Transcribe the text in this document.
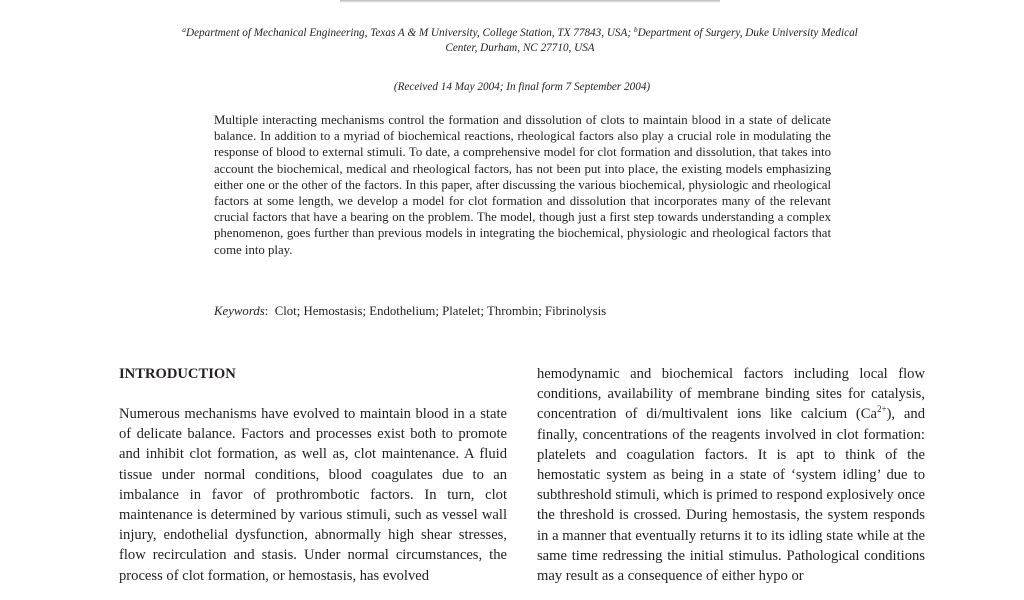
$^a$Department of Mechanical Engineering, Texas A & M University, College Station, TX 77843, USA; $^b$Department of Surgery, Duke University Medical
Center, Durham, NC 27710, USA
(Received 14 May 2004; In final form 7 September 2004)
Multiple interacting mechanisms control the formation and dissolution of clots to maintain blood in a state of delicate balance. In addition to a myriad of biochemical reactions, rheological factors also play a crucial role in modulating the response of blood to external stimuli. To date, a comprehensive model for clot formation and dissolution, that takes into account the biochemical, medical and rheological factors, has not been put into place, the existing models emphasizing either one or the other of the factors. In this paper, after discussing the various biochemical, physiologic and rheological factors at some length, we develop a model for clot formation and dissolution that incorporates many of the relevant crucial factors that have a bearing on the problem. The model, though just a first step towards understanding a complex phenomenon, goes further than previous models in integrating the biochemical, physiologic and rheological factors that come into play.
Keywords: Clot; Hemostasis; Endothelium; Platelet; Thrombin; Fibrinolysis
INTRODUCTION

Numerous mechanisms have evolved to maintain blood in a state of delicate balance. Factors and processes exist both to promote and inhibit clot formation, as well as, clot maintenance. A fluid tissue under normal conditions, blood coagulates due to an imbalance in favor of prothrombotic factors. In turn, clot maintenance is determined by various stimuli, such as vessel wall injury, endothelial dysfunction, abnormally high shear stresses, flow recirculation and stasis. Under normal circumstances, the process of clot formation, or hemostasis, has evolved

hemodynamic and biochemical factors including local flow conditions, availability of membrane binding sites for catalysis, concentration of di/multivalent ions like calcium $(Ca^{2+})$, and finally, concentrations of the reagents involved in clot formation: platelets and coagulation factors. It is apt to think of the hemostatic system as being in a state of ‘system idling’ due to subthreshold stimuli, which is primed to respond explosively once the threshold is crossed. During hemostasis, the system responds in a manner that eventually returns it to its idling state while at the same time redressing the initial stimulus. Pathological conditions may result as a consequence of either hypo or
